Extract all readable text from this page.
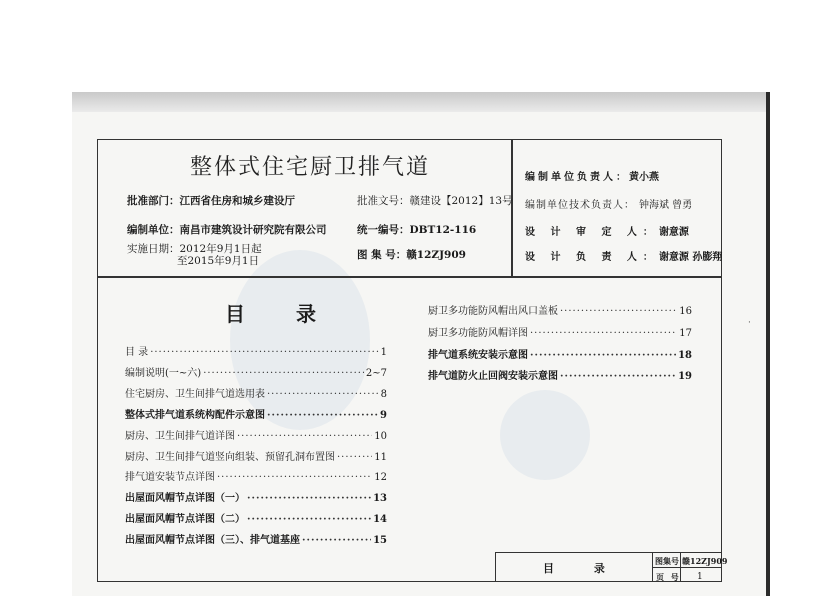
整体式住宅厨卫排气道
批准部门：江西省住房和城乡建设厅	批准文号：赣建设【2012】13号
编制单位：南昌市建筑设计研究院有限公司	统一编号：DBT12-116
实施日期：2012年9月1日起
至2015年9月1日	图 集 号：赣12ZJ909
编制单位负责人：黄小燕
编制单位技术负责人： 钟海斌 曾勇
设 计 审 定 人：谢意源
设 计 负 责 人：谢意源 孙膨翔
目 录
目 录 ·····	1
编制说明(一~六) ·····	2~7
住宅厨房、卫生间排气道选用表 ·····	8
整体式排气道系统构配件示意图 ·····	9
厨房、卫生间排气道详图 ·····	10
厨房、卫生间排气道竖向组装、预留孔洞布置图 ·····	11
排气道安装节点详图 ·····	12
出屋面风帽节点详图（一） ·····	13
出屋面风帽节点详图（二） ·····	14
出屋面风帽节点详图（三）、排气道基座 ·····	15
厨卫多功能防风帽出风口盖板 ·····	16
厨卫多功能防风帽详图 ·····	17
排气道系统安装示意图 ·····	18
排气道防火止回阀安装示意图 ·····	19
目 录
图集号 赣12ZJ909
页 号 1
·
